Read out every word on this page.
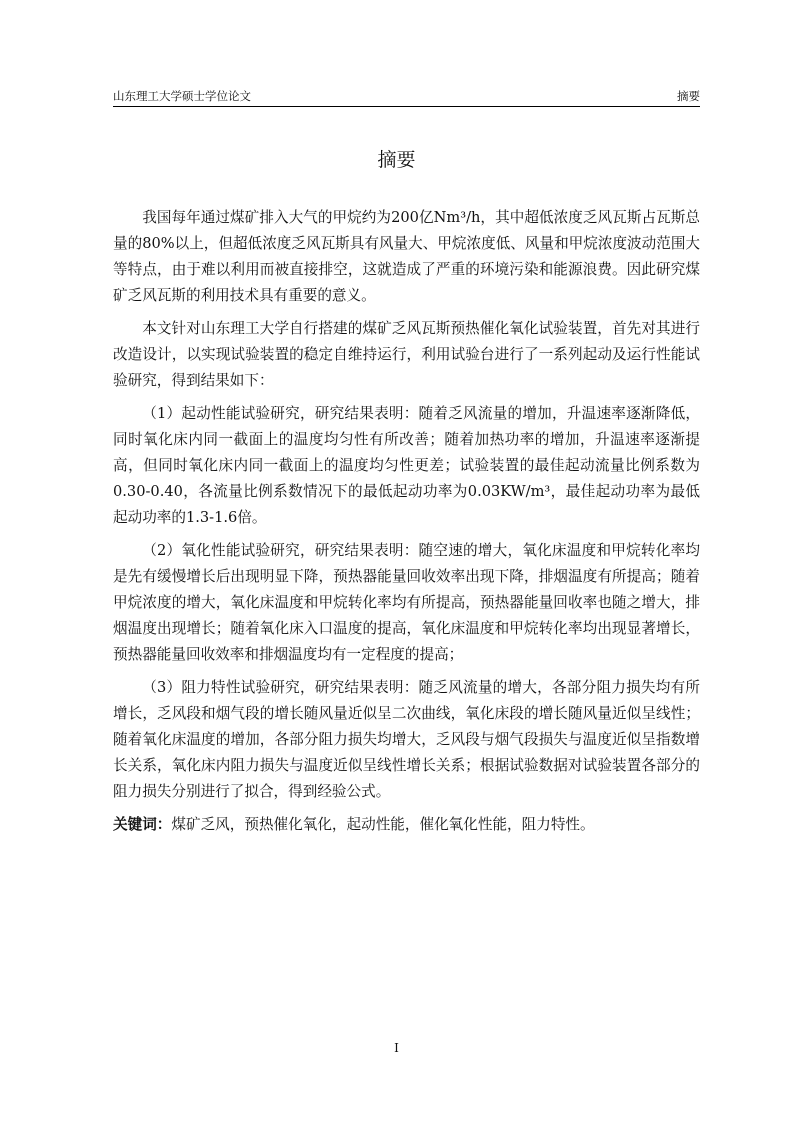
山东理工大学硕士学位论文	摘要
摘要

我国每年通过煤矿排入大气的甲烷约为200亿Nm³/h，其中超低浓度乏风瓦斯占瓦斯总量的80%以上，但超低浓度乏风瓦斯具有风量大、甲烷浓度低、风量和甲烷浓度波动范围大等特点，由于难以利用而被直接排空，这就造成了严重的环境污染和能源浪费。因此研究煤矿乏风瓦斯的利用技术具有重要的意义。

本文针对山东理工大学自行搭建的煤矿乏风瓦斯预热催化氧化试验装置，首先对其进行改造设计，以实现试验装置的稳定自维持运行，利用试验台进行了一系列起动及运行性能试验研究，得到结果如下：

（1）起动性能试验研究，研究结果表明：随着乏风流量的增加，升温速率逐渐降低，同时氧化床内同一截面上的温度均匀性有所改善；随着加热功率的增加，升温速率逐渐提高，但同时氧化床内同一截面上的温度均匀性更差；试验装置的最佳起动流量比例系数为0.30-0.40，各流量比例系数情况下的最低起动功率为0.03KW/m³，最佳起动功率为最低起动功率的1.3-1.6倍。

（2）氧化性能试验研究，研究结果表明：随空速的增大，氧化床温度和甲烷转化率均是先有缓慢增长后出现明显下降，预热器能量回收效率出现下降，排烟温度有所提高；随着甲烷浓度的增大，氧化床温度和甲烷转化率均有所提高，预热器能量回收率也随之增大，排烟温度出现增长；随着氧化床入口温度的提高，氧化床温度和甲烷转化率均出现显著增长，预热器能量回收效率和排烟温度均有一定程度的提高；

（3）阻力特性试验研究，研究结果表明：随乏风流量的增大，各部分阻力损失均有所增长，乏风段和烟气段的增长随风量近似呈二次曲线，氧化床段的增长随风量近似呈线性；随着氧化床温度的增加，各部分阻力损失均增大，乏风段与烟气段损失与温度近似呈指数增长关系，氧化床内阻力损失与温度近似呈线性增长关系；根据试验数据对试验装置各部分的阻力损失分别进行了拟合，得到经验公式。

关键词：煤矿乏风，预热催化氧化，起动性能，催化氧化性能，阻力特性。

I
